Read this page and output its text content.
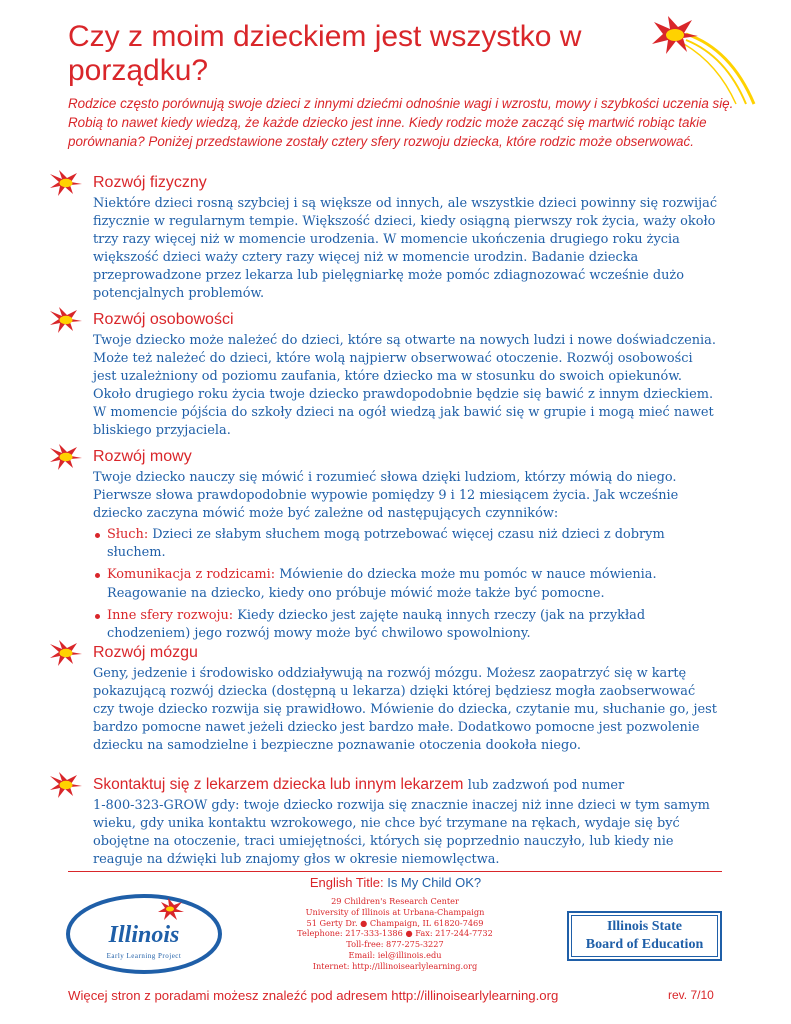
Czy z moim dzieckiem jest wszystko w porządku?

Rodzice często porównują swoje dzieci z innymi dziećmi odnośnie wagi i wzrostu, mowy i szybkości uczenia się. Robią to nawet kiedy wiedzą, że każde dziecko jest inne. Kiedy rodzic może zacząć się martwić robiąc takie porównania? Poniżej przedstawione zostały cztery sfery rozwoju dziecka, które rodzic może obserwować.

Rozwój fizyczny

Niektóre dzieci rosną szybciej i są większe od innych, ale wszystkie dzieci powinny się rozwijać fizycznie w regularnym tempie. Większość dzieci, kiedy osiągną pierwszy rok życia, waży około trzy razy więcej niż w momencie urodzenia. W momencie ukończenia drugiego roku życia większość dzieci waży cztery razy więcej niż w momencie urodzin. Badanie dziecka przeprowadzone przez lekarza lub pielęgniarkę może pomóc zdiagnozować wcześnie dużo potencjalnych problemów.

Rozwój osobowości

Twoje dziecko może należeć do dzieci, które są otwarte na nowych ludzi i nowe doświadczenia. Może też należeć do dzieci, które wolą najpierw obserwować otoczenie. Rozwój osobowości jest uzależniony od poziomu zaufania, które dziecko ma w stosunku do swoich opiekunów. Około drugiego roku życia twoje dziecko prawdopodobnie będzie się bawić z innym dzieckiem. W momencie pójścia do szkoły dzieci na ogół wiedzą jak bawić się w grupie i mogą mieć nawet bliskiego przyjaciela.

Rozwój mowy

Twoje dziecko nauczy się mówić i rozumieć słowa dzięki ludziom, którzy mówią do niego. Pierwsze słowa prawdopodobnie wypowie pomiędzy 9 i 12 miesiącem życia. Jak wcześnie dziecko zaczyna mówić może być zależne od następujących czynników:

Słuch: Dzieci ze słabym słuchem mogą potrzebować więcej czasu niż dzieci z dobrym słuchem.
Komunikacja z rodzicami: Mówienie do dziecka może mu pomóc w nauce mówienia. Reagowanie na dziecko, kiedy ono próbuje mówić może także być pomocne.
Inne sfery rozwoju: Kiedy dziecko jest zajęte nauką innych rzeczy (jak na przykład chodzeniem) jego rozwój mowy może być chwilowo spowolniony.
Rozwój mózgu

Geny, jedzenie i środowisko oddziaływują na rozwój mózgu. Możesz zaopatrzyć się w kartę pokazującą rozwój dziecka (dostępną u lekarza) dzięki której będziesz mogła zaobserwować czy twoje dziecko rozwija się prawidłowo. Mówienie do dziecka, czytanie mu, słuchanie go, jest bardzo pomocne nawet jeżeli dziecko jest bardzo małe. Dodatkowo pomocne jest pozwolenie dziecku na samodzielne i bezpieczne poznawanie otoczenia dookoła niego.

Skontaktuj się z lekarzem dziecka lub innym lekarzem lub zadzwoń pod numer

1-800-323-GROW gdy: twoje dziecko rozwija się znacznie inaczej niż inne dzieci w tym samym wieku, gdy unika kontaktu wzrokowego, nie chce być trzymane na rękach, wydaje się być obojętne na otoczenie, traci umiejętności, których się poprzednio nauczyło, lub kiedy nie reaguje na dźwięki lub znajomy głos w okresie niemowlęctwa.

English Title: Is My Child OK?
Illinois
Early Learning Project
29 Children's Research Center
University of Illinois at Urbana-Champaign
51 Gerty Dr. ● Champaign, IL 61820-7469
Telephone: 217-333-1386 ● Fax: 217-244-7732
Toll-free: 877-275-3227
Email: iel@illinois.edu
Internet: http://illinoisearlylearning.org
Illinois State
Board of Education
Więcej stron z poradami możesz znaleźć pod adresem http://illinoisearlylearning.org	rev. 7/10
